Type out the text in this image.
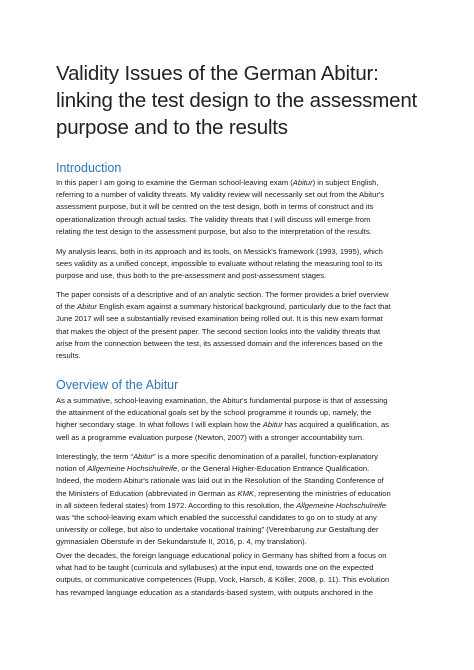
Validity Issues of the German Abitur:
linking the test design to the assessment
purpose and to the results
Introduction

In this paper I am going to examine the German school-leaving exam (Abitur) in subject English,
referring to a number of validity threats. My validity review will necessarily set out from the Abitur's
assessment purpose, but it will be centred on the test design, both in terms of construct and its
operationalization through actual tasks. The validity threats that I will discuss will emerge from
relating the test design to the assessment purpose, but also to the interpretation of the results.

My analysis leans, both in its approach and its tools, on Messick's framework (1993, 1995), which
sees validity as a unified concept, impossible to evaluate without relating the measuring tool to its
purpose and use, thus both to the pre-assessment and post-assessment stages.

The paper consists of a descriptive and of an analytic section. The former provides a brief overview
of the Abitur English exam against a summary historical background, particularly due to the fact that
June 2017 will see a substantially revised examination being rolled out. It is this new exam format
that makes the object of the present paper. The second section looks into the validity threats that
arise from the connection between the test, its assessed domain and the inferences based on the
results.

Overview of the Abitur

As a summative, school-leaving examination, the Abitur's fundamental purpose is that of assessing
the attainment of the educational goals set by the school programme it rounds up, namely, the
higher secondary stage. In what follows I will explain how the Abitur has acquired a qualification, as
well as a programme evaluation purpose (Newton, 2007) with a stronger accountability turn.

Interestingly, the term “Abitur” is a more specific denomination of a parallel, function-explanatory
notion of Allgemeine Hochschulreife, or the General Higher-Education Entrance Qualification.
Indeed, the modern Abitur's rationale was laid out in the Resolution of the Standing Conference of
the Ministers of Education (abbreviated in German as KMK, representing the ministries of education
in all sixteen federal states) from 1972. According to this resolution, the Allgemeine Hochschulreife
was “the school-leaving exam which enabled the successful candidates to go on to study at any
university or college, but also to undertake vocational training” (Vereinbarung zur Gestaltung der
gymnasialen Oberstufe in der Sekundarstufe II, 2016, p. 4, my translation).

Over the decades, the foreign language educational policy in Germany has shifted from a focus on
what had to be taught (curricula and syllabuses) at the input end, towards one on the expected
outputs, or communicative competences (Rupp, Vock, Harsch, & Köller, 2008, p. 11). This evolution
has revamped language education as a standards-based system, with outputs anchored in the
